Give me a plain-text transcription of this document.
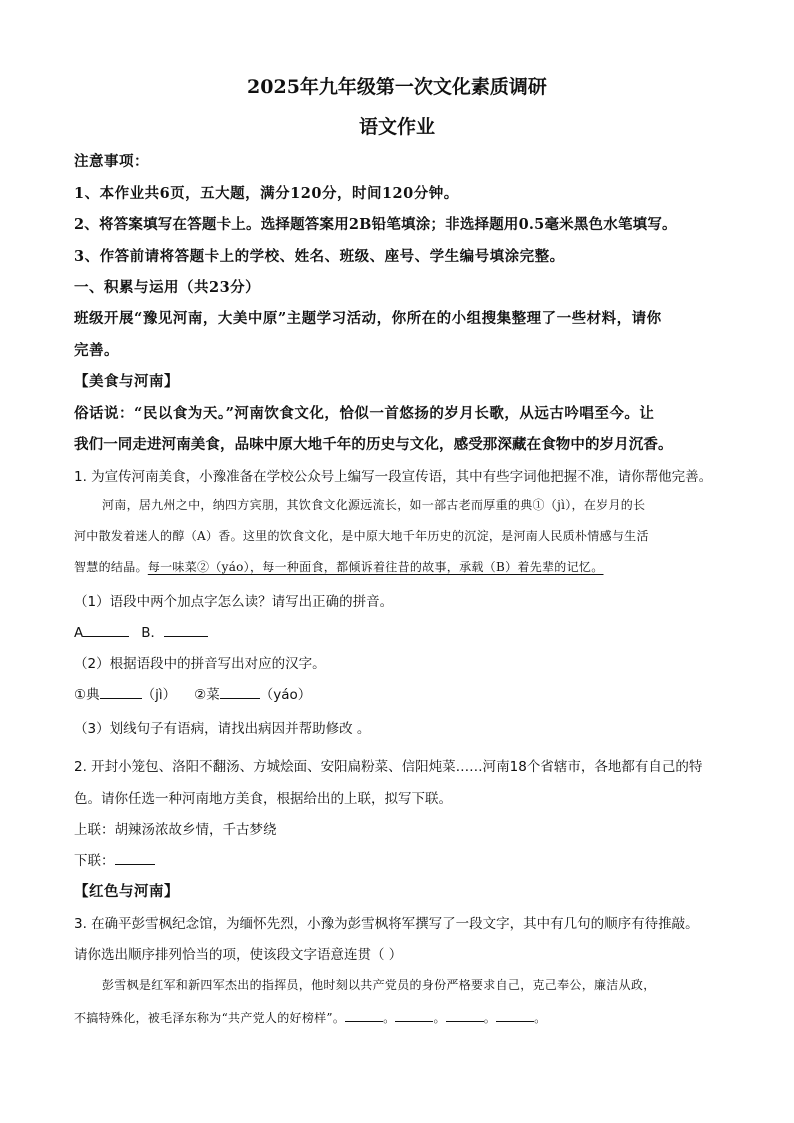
2025年九年级第一次文化素质调研
语文作业
注意事项：
1、本作业共6页，五大题，满分120分，时间120分钟。
2、将答案填写在答题卡上。选择题答案用2B铅笔填涂；非选择题用0.5毫米黑色水笔填写。
3、作答前请将答题卡上的学校、姓名、班级、座号、学生编号填涂完整。
一、积累与运用（共23分）
班级开展“豫见河南，大美中原”主题学习活动，你所在的小组搜集整理了一些材料，请你
完善。
【美食与河南】
俗话说：“民以食为天。”河南饮食文化，恰似一首悠扬的岁月长歌，从远古吟唱至今。让
我们一同走进河南美食，品味中原大地千年的历史与文化，感受那深藏在食物中的岁月沉香。
1. 为宣传河南美食，小豫准备在学校公众号上编写一段宣传语，其中有些字词他把握不准，请你帮他完善。
河南，居九州之中，纳四方宾朋，其饮食文化源远流长，如一部古老而厚重的典①（jì），在岁月的长
河中散发着迷人的醇（A）香。这里的饮食文化，是中原大地千年历史的沉淀，是河南人民质朴情感与生活
智慧的结晶。每一味菜②（yáo），每一种面食，都倾诉着往昔的故事，承载（B）着先辈的记忆。
（1）语段中两个加点字怎么读？请写出正确的拼音。
A	B．
（2）根据语段中的拼音写出对应的汉字。
①典	（jì） ②菜	（yáo）
（3）划线句子有语病，请找出病因并帮助修改 。
2. 开封小笼包、洛阳不翻汤、方城烩面、安阳扁粉菜、信阳炖菜……河南18个省辖市，各地都有自己的特
色。请你任选一种河南地方美食，根据给出的上联，拟写下联。
上联：胡辣汤浓故乡情，千古梦绕
下联：
【红色与河南】
3. 在确平彭雪枫纪念馆，为缅怀先烈，小豫为彭雪枫将军撰写了一段文字，其中有几句的顺序有待推敲。
请你选出顺序排列恰当的项，使该段文字语意连贯（ ）
彭雪枫是红军和新四军杰出的指挥员，他时刻以共产党员的身份严格要求自己，克己奉公，廉洁从政，
不搞特殊化，被毛泽东称为“共产党人的好榜样”。	。	。	。	。
